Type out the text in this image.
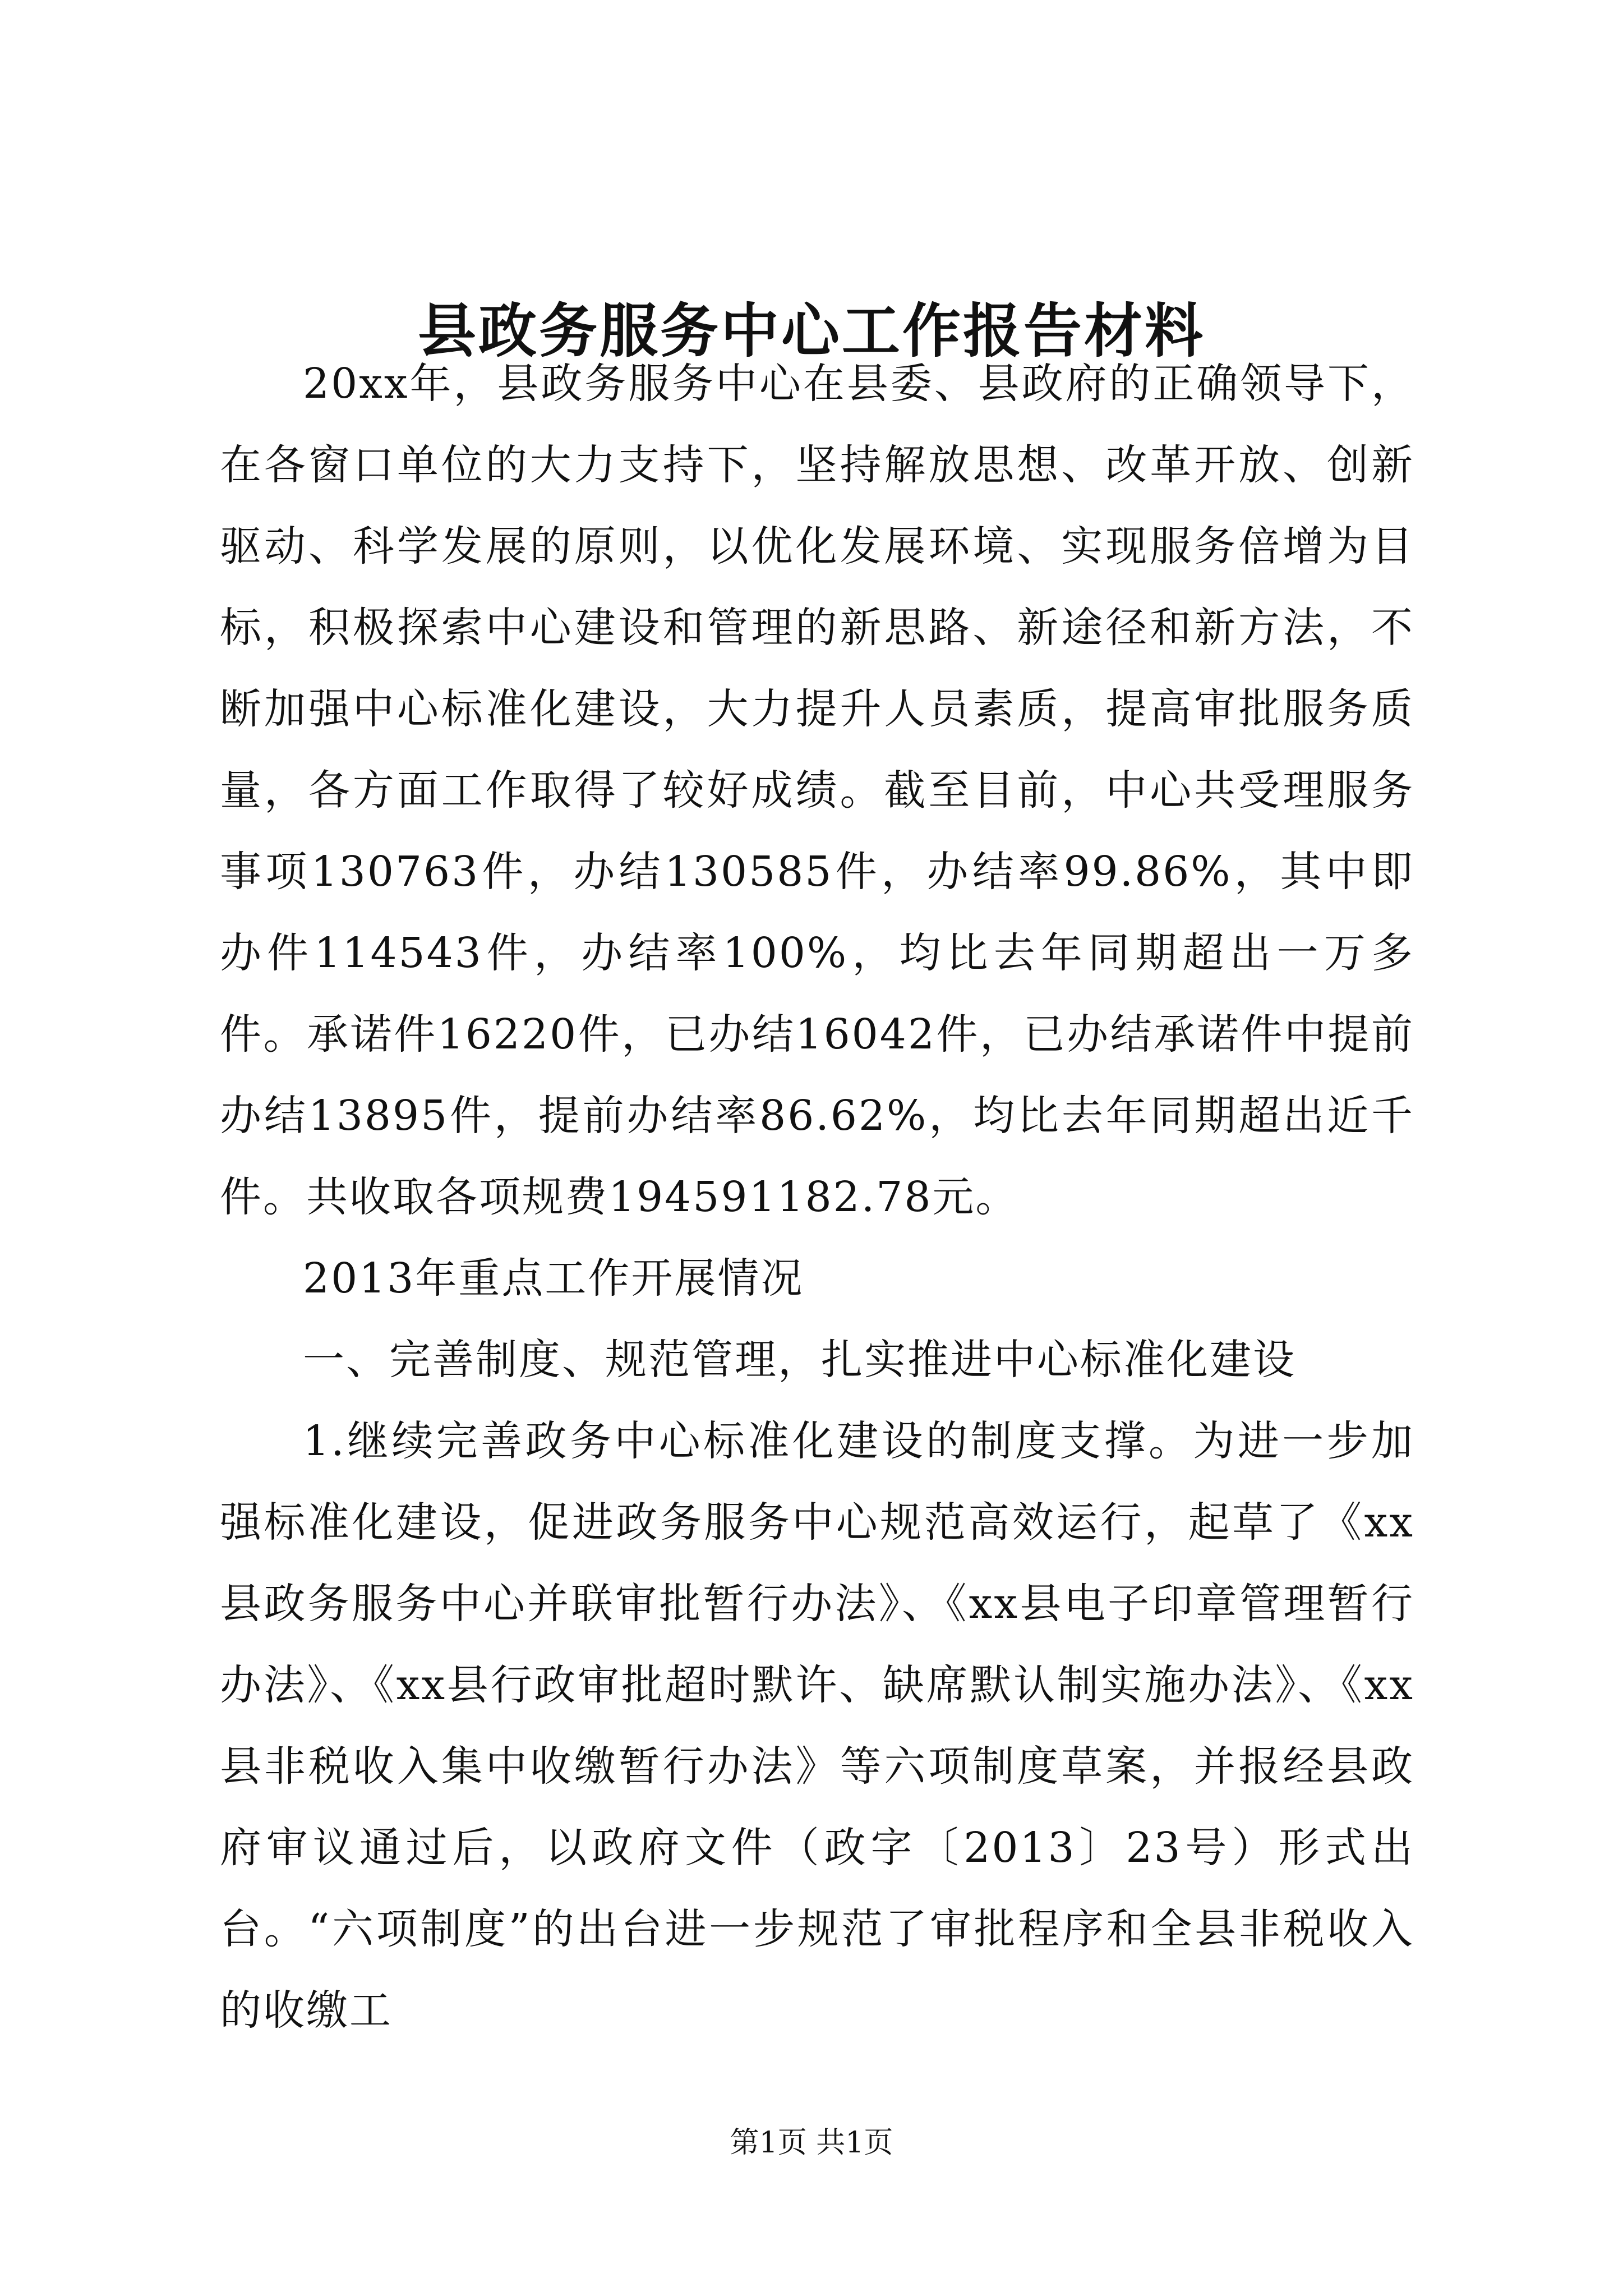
县政务服务中心工作报告材料

20xx年，县政务服务中心在县委、县政府的正确领导下，在各窗口单位的大力支持下，坚持解放思想、改革开放、创新驱动、科学发展的原则，以优化发展环境、实现服务倍增为目标，积极探索中心建设和管理的新思路、新途径和新方法，不断加强中心标准化建设，大力提升人员素质，提高审批服务质量，各方面工作取得了较好成绩。截至目前，中心共受理服务事项130763件，办结130585件，办结率99.86%，其中即办件114543件，办结率100%，均比去年同期超出一万多件。承诺件16220件，已办结16042件，已办结承诺件中提前办结13895件，提前办结率86.62%，均比去年同期超出近千件。共收取各项规费194591182.78元。

2013年重点工作开展情况

一、完善制度、规范管理，扎实推进中心标准化建设

1.继续完善政务中心标准化建设的制度支撑。为进一步加强标准化建设，促进政务服务中心规范高效运行，起草了《xx县政务服务中心并联审批暂行办法》、《xx县电子印章管理暂行办法》、《xx县行政审批超时默许、缺席默认制实施办法》、《xx县非税收入集中收缴暂行办法》等六项制度草案，并报经县政府审议通过后，以政府文件（政字〔2013〕23号）形式出台。“六项制度”的出台进一步规范了审批程序和全县非税收入的收缴工

第1页 共1页
